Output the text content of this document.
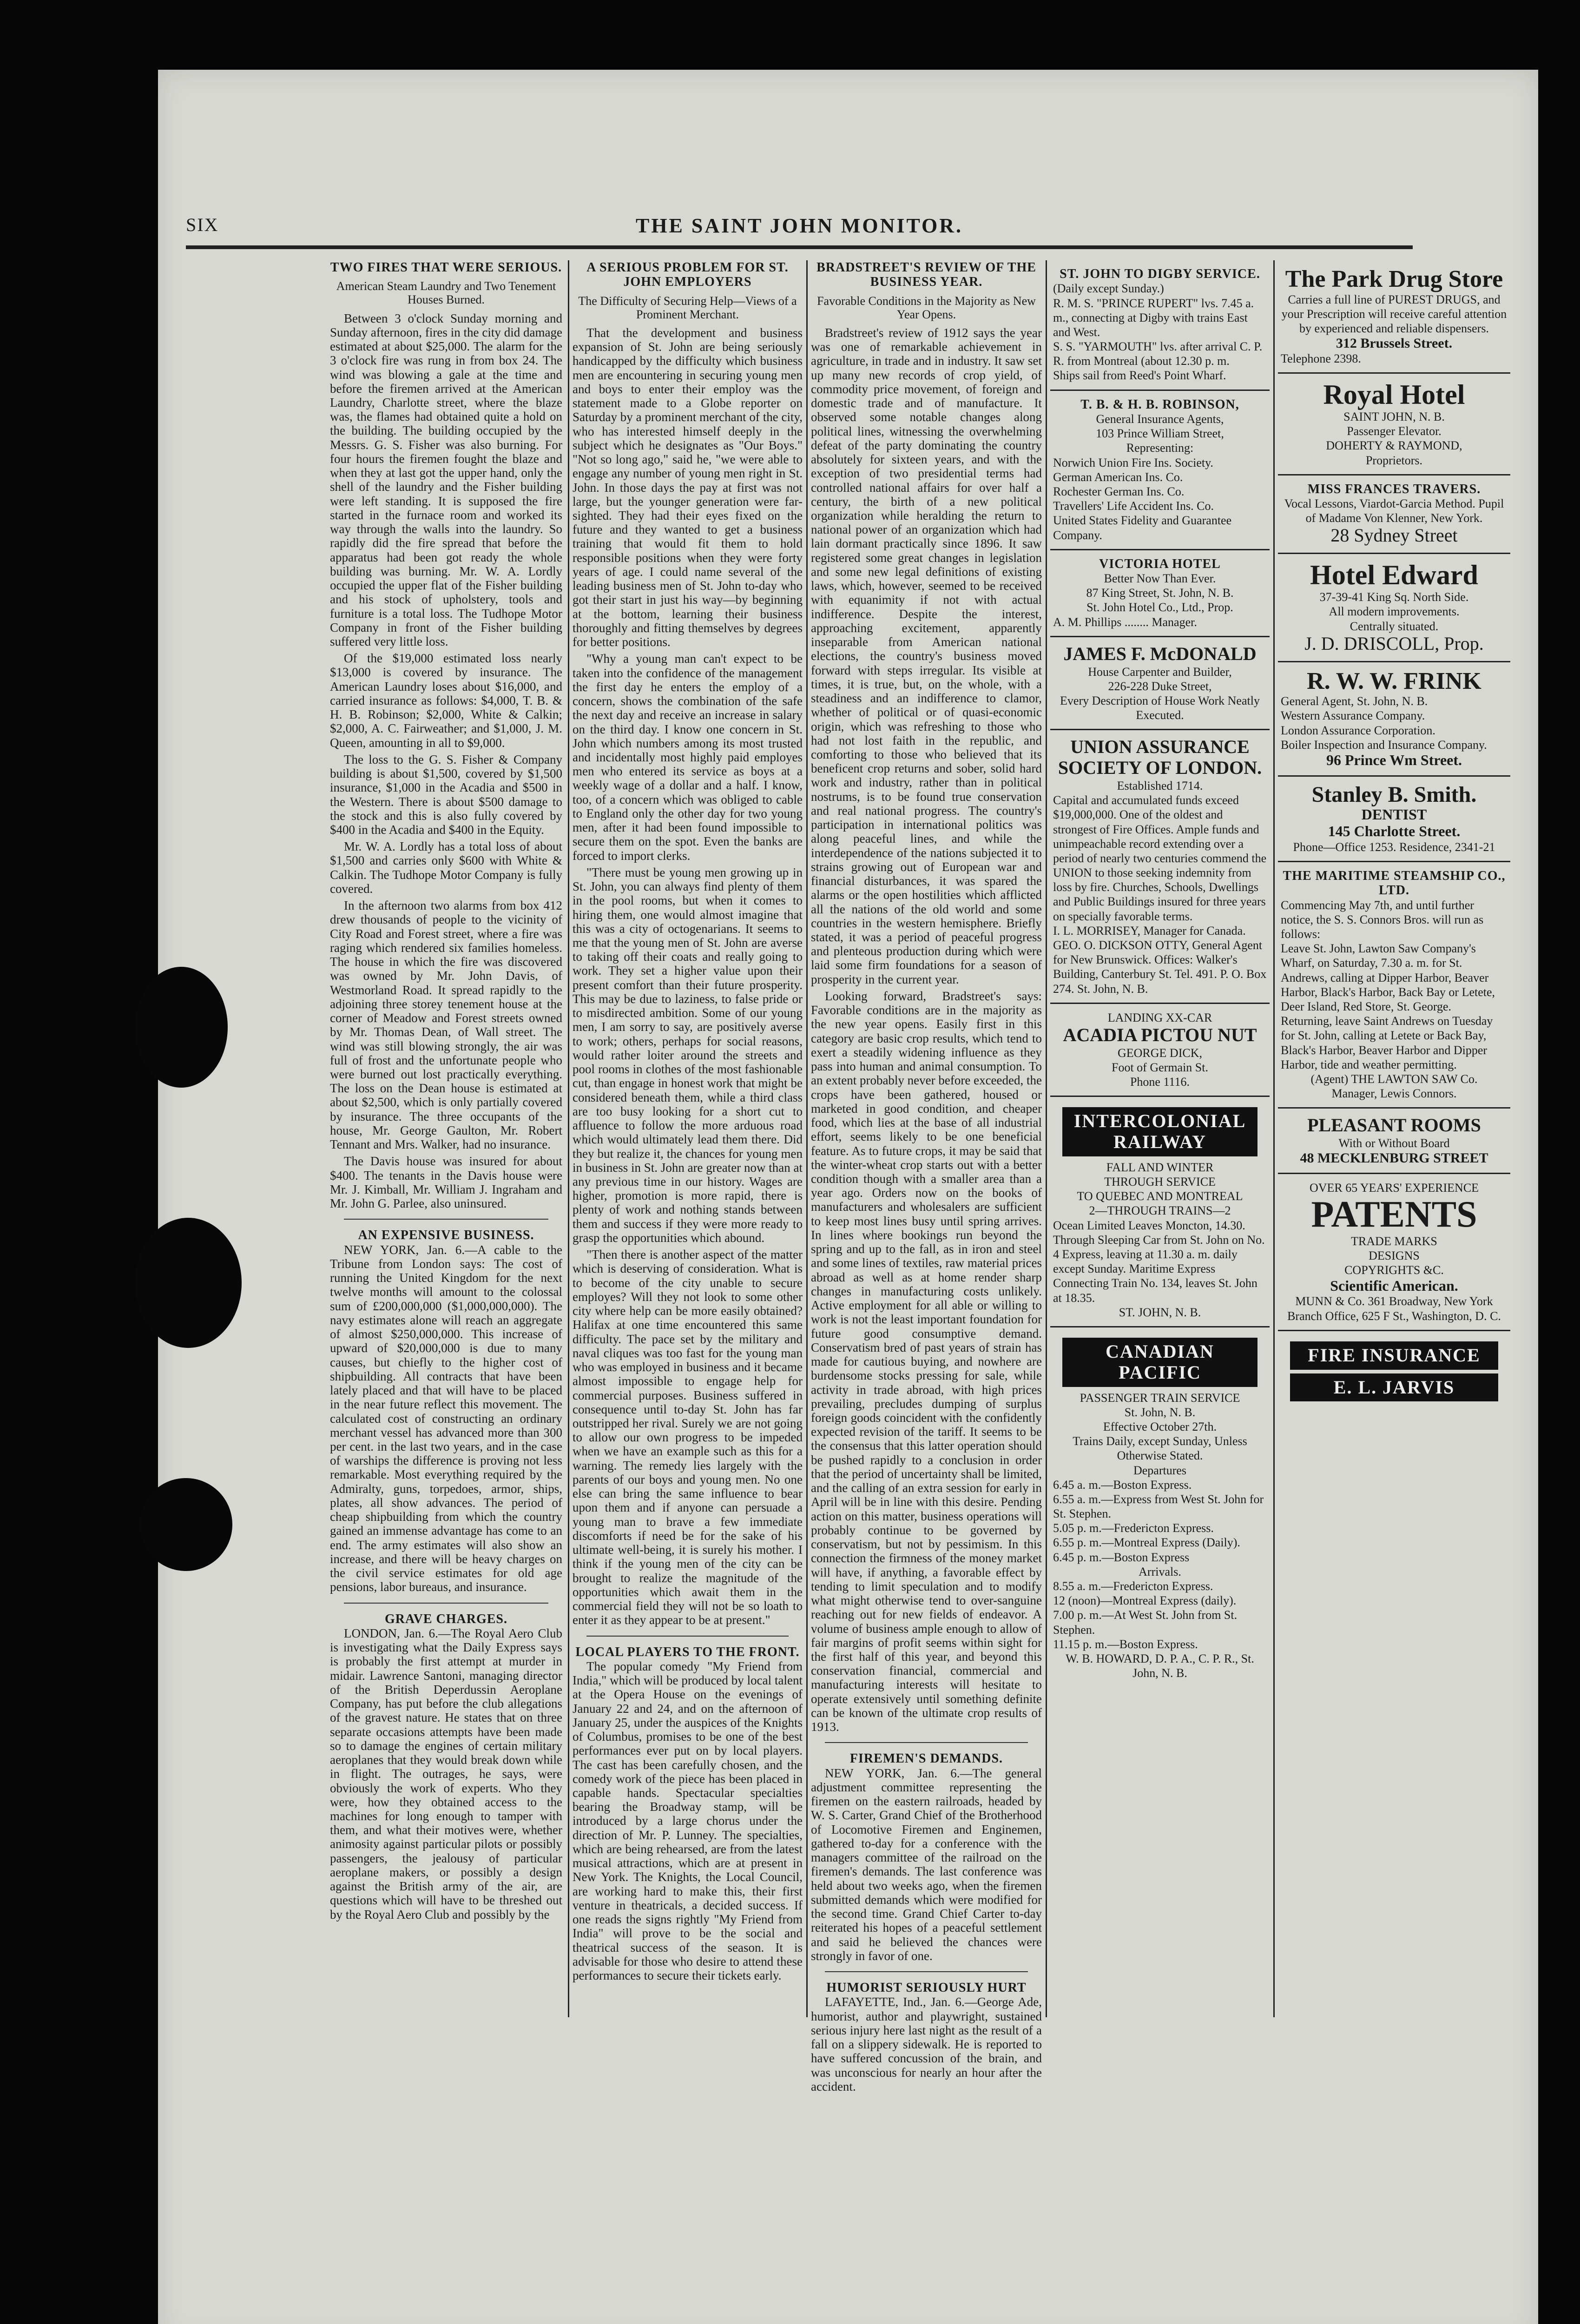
SIX	THE SAINT JOHN MONITOR.
TWO FIRES THAT WERE SERIOUS.
American Steam Laundry and Two Tenement Houses Burned.

Between 3 o'clock Sunday morning and Sunday afternoon, fires in the city did damage estimated at about $25,000. The alarm for the 3 o'clock fire was rung in from box 24. The wind was blowing a gale at the time and before the firemen arrived at the American Laundry, Charlotte street, where the blaze was, the flames had obtained quite a hold on the building. The building occupied by the Messrs. G. S. Fisher was also burning. For four hours the firemen fought the blaze and when they at last got the upper hand, only the shell of the laundry and the Fisher building were left standing. It is supposed the fire started in the furnace room and worked its way through the walls into the laundry. So rapidly did the fire spread that before the apparatus had been got ready the whole building was burning. Mr. W. A. Lordly occupied the upper flat of the Fisher building and his stock of upholstery, tools and furniture is a total loss. The Tudhope Motor Company in front of the Fisher building suffered very little loss.

Of the $19,000 estimated loss nearly $13,000 is covered by insurance. The American Laundry loses about $16,000, and carried insurance as follows: $4,000, T. B. & H. B. Robinson; $2,000, White & Calkin; $2,000, A. C. Fairweather; and $1,000, J. M. Queen, amounting in all to $9,000.

The loss to the G. S. Fisher & Company building is about $1,500, covered by $1,500 insurance, $1,000 in the Acadia and $500 in the Western. There is about $500 damage to the stock and this is also fully covered by $400 in the Acadia and $400 in the Equity.

Mr. W. A. Lordly has a total loss of about $1,500 and carries only $600 with White & Calkin. The Tudhope Motor Company is fully covered.

In the afternoon two alarms from box 412 drew thousands of people to the vicinity of City Road and Forest street, where a fire was raging which rendered six families homeless. The house in which the fire was discovered was owned by Mr. John Davis, of Westmorland Road. It spread rapidly to the adjoining three storey tenement house at the corner of Meadow and Forest streets owned by Mr. Thomas Dean, of Wall street. The wind was still blowing strongly, the air was full of frost and the unfortunate people who were burned out lost practically everything. The loss on the Dean house is estimated at about $2,500, which is only partially covered by insurance. The three occupants of the house, Mr. George Gaulton, Mr. Robert Tennant and Mrs. Walker, had no insurance.

The Davis house was insured for about $400. The tenants in the Davis house were Mr. J. Kimball, Mr. William J. Ingraham and Mr. John G. Parlee, also uninsured.

AN EXPENSIVE BUSINESS.

NEW YORK, Jan. 6.—A cable to the Tribune from London says: The cost of running the United Kingdom for the next twelve months will amount to the colossal sum of £200,000,000 ($1,000,000,000). The navy estimates alone will reach an aggregate of almost $250,000,000. This increase of upward of $20,000,000 is due to many causes, but chiefly to the higher cost of shipbuilding. All contracts that have been lately placed and that will have to be placed in the near future reflect this movement. The calculated cost of constructing an ordinary merchant vessel has advanced more than 300 per cent. in the last two years, and in the case of warships the difference is proving not less remarkable. Most everything required by the Admiralty, guns, torpedoes, armor, ships, plates, all show advances. The period of cheap shipbuilding from which the country gained an immense advantage has come to an end. The army estimates will also show an increase, and there will be heavy charges on the civil service estimates for old age pensions, labor bureaus, and insurance.

GRAVE CHARGES.

LONDON, Jan. 6.—The Royal Aero Club is investigating what the Daily Express says is probably the first attempt at murder in midair. Lawrence Santoni, managing director of the British Deperdussin Aeroplane Company, has put before the club allegations of the gravest nature. He states that on three separate occasions attempts have been made so to damage the engines of certain military aeroplanes that they would break down while in flight. The outrages, he says, were obviously the work of experts. Who they were, how they obtained access to the machines for long enough to tamper with them, and what their motives were, whether animosity against particular pilots or possibly passengers, the jealousy of particular aeroplane makers, or possibly a design against the British army of the air, are questions which will have to be threshed out by the Royal Aero Club and possibly by the

A SERIOUS PROBLEM FOR ST. JOHN EMPLOYERS
The Difficulty of Securing Help—Views of a Prominent Merchant.

That the development and business expansion of St. John are being seriously handicapped by the difficulty which business men are encountering in securing young men and boys to enter their employ was the statement made to a Globe reporter on Saturday by a prominent merchant of the city, who has interested himself deeply in the subject which he designates as "Our Boys." "Not so long ago," said he, "we were able to engage any number of young men right in St. John. In those days the pay at first was not large, but the younger generation were far-sighted. They had their eyes fixed on the future and they wanted to get a business training that would fit them to hold responsible positions when they were forty years of age. I could name several of the leading business men of St. John to-day who got their start in just his way—by beginning at the bottom, learning their business thoroughly and fitting themselves by degrees for better positions.

"Why a young man can't expect to be taken into the confidence of the management the first day he enters the employ of a concern, shows the combination of the safe the next day and receive an increase in salary on the third day. I know one concern in St. John which numbers among its most trusted and incidentally most highly paid employes men who entered its service as boys at a weekly wage of a dollar and a half. I know, too, of a concern which was obliged to cable to England only the other day for two young men, after it had been found impossible to secure them on the spot. Even the banks are forced to import clerks.

"There must be young men growing up in St. John, you can always find plenty of them in the pool rooms, but when it comes to hiring them, one would almost imagine that this was a city of octogenarians. It seems to me that the young men of St. John are averse to taking off their coats and really going to work. They set a higher value upon their present comfort than their future prosperity. This may be due to laziness, to false pride or to misdirected ambition. Some of our young men, I am sorry to say, are positively averse to work; others, perhaps for social reasons, would rather loiter around the streets and pool rooms in clothes of the most fashionable cut, than engage in honest work that might be considered beneath them, while a third class are too busy looking for a short cut to affluence to follow the more arduous road which would ultimately lead them there. Did they but realize it, the chances for young men in business in St. John are greater now than at any previous time in our history. Wages are higher, promotion is more rapid, there is plenty of work and nothing stands between them and success if they were more ready to grasp the opportunities which abound.

"Then there is another aspect of the matter which is deserving of consideration. What is to become of the city unable to secure employes? Will they not look to some other city where help can be more easily obtained? Halifax at one time encountered this same difficulty. The pace set by the military and naval cliques was too fast for the young man who was employed in business and it became almost impossible to engage help for commercial purposes. Business suffered in consequence until to-day St. John has far outstripped her rival. Surely we are not going to allow our own progress to be impeded when we have an example such as this for a warning. The remedy lies largely with the parents of our boys and young men. No one else can bring the same influence to bear upon them and if anyone can persuade a young man to brave a few immediate discomforts if need be for the sake of his ultimate well-being, it is surely his mother. I think if the young men of the city can be brought to realize the magnitude of the opportunities which await them in the commercial field they will not be so loath to enter it as they appear to be at present."

LOCAL PLAYERS TO THE FRONT.

The popular comedy "My Friend from India," which will be produced by local talent at the Opera House on the evenings of January 22 and 24, and on the afternoon of January 25, under the auspices of the Knights of Columbus, promises to be one of the best performances ever put on by local players. The cast has been carefully chosen, and the comedy work of the piece has been placed in capable hands. Spectacular specialties bearing the Broadway stamp, will be introduced by a large chorus under the direction of Mr. P. Lunney. The specialties, which are being rehearsed, are from the latest musical attractions, which are at present in New York. The Knights, the Local Council, are working hard to make this, their first venture in theatricals, a decided success. If one reads the signs rightly "My Friend from India" will prove to be the social and theatrical success of the season. It is advisable for those who desire to attend these performances to secure their tickets early.

BRADSTREET'S REVIEW OF THE BUSINESS YEAR.
Favorable Conditions in the Majority as New Year Opens.

Bradstreet's review of 1912 says the year was one of remarkable achievement in agriculture, in trade and in industry. It saw set up many new records of crop yield, of commodity price movement, of foreign and domestic trade and of manufacture. It observed some notable changes along political lines, witnessing the overwhelming defeat of the party dominating the country absolutely for sixteen years, and with the exception of two presidential terms had controlled national affairs for over half a century, the birth of a new political organization while heralding the return to national power of an organization which had lain dormant practically since 1896. It saw registered some great changes in legislation and some new legal definitions of existing laws, which, however, seemed to be received with equanimity if not with actual indifference. Despite the interest, approaching excitement, apparently inseparable from American national elections, the country's business moved forward with steps irregular. Its visible at times, it is true, but, on the whole, with a steadiness and an indifference to clamor, whether of political or of quasi-economic origin, which was refreshing to those who had not lost faith in the republic, and comforting to those who believed that its beneficent crop returns and sober, solid hard work and industry, rather than in political nostrums, is to be found true conservation and real national progress. The country's participation in international politics was along peaceful lines, and while the interdependence of the nations subjected it to strains growing out of European war and financial disturbances, it was spared the alarms or the open hostilities which afflicted all the nations of the old world and some countries in the western hemisphere. Briefly stated, it was a period of peaceful progress and plenteous production during which were laid some firm foundations for a season of prosperity in the current year.

Looking forward, Bradstreet's says: Favorable conditions are in the majority as the new year opens. Easily first in this category are basic crop results, which tend to exert a steadily widening influence as they pass into human and animal consumption. To an extent probably never before exceeded, the crops have been gathered, housed or marketed in good condition, and cheaper food, which lies at the base of all industrial effort, seems likely to be one beneficial feature. As to future crops, it may be said that the winter-wheat crop starts out with a better condition though with a smaller area than a year ago. Orders now on the books of manufacturers and wholesalers are sufficient to keep most lines busy until spring arrives. In lines where bookings run beyond the spring and up to the fall, as in iron and steel and some lines of textiles, raw material prices abroad as well as at home render sharp changes in manufacturing costs unlikely. Active employment for all able or willing to work is not the least important foundation for future good consumptive demand. Conservatism bred of past years of strain has made for cautious buying, and nowhere are burdensome stocks pressing for sale, while activity in trade abroad, with high prices prevailing, precludes dumping of surplus foreign goods coincident with the confidently expected revision of the tariff. It seems to be the consensus that this latter operation should be pushed rapidly to a conclusion in order that the period of uncertainty shall be limited, and the calling of an extra session for early in April will be in line with this desire. Pending action on this matter, business operations will probably continue to be governed by conservatism, but not by pessimism. In this connection the firmness of the money market will have, if anything, a favorable effect by tending to limit speculation and to modify what might otherwise tend to over-sanguine reaching out for new fields of endeavor. A volume of business ample enough to allow of fair margins of profit seems within sight for the first half of this year, and beyond this conservation financial, commercial and manufacturing interests will hesitate to operate extensively until something definite can be known of the ultimate crop results of 1913.

FIREMEN'S DEMANDS.

NEW YORK, Jan. 6.—The general adjustment committee representing the firemen on the eastern railroads, headed by W. S. Carter, Grand Chief of the Brotherhood of Locomotive Firemen and Enginemen, gathered to-day for a conference with the managers committee of the railroad on the firemen's demands. The last conference was held about two weeks ago, when the firemen submitted demands which were modified for the second time. Grand Chief Carter to-day reiterated his hopes of a peaceful settlement and said he believed the chances were strongly in favor of one.

HUMORIST SERIOUSLY HURT

LAFAYETTE, Ind., Jan. 6.—George Ade, humorist, author and playwright, sustained serious injury here last night as the result of a fall on a slippery sidewalk. He is reported to have suffered concussion of the brain, and was unconscious for nearly an hour after the accident.

ST. JOHN TO DIGBY SERVICE.
(Daily except Sunday.)
R. M. S. "PRINCE RUPERT" lvs. 7.45 a. m., connecting at Digby with trains East and West.
S. S. "YARMOUTH" lvs. after arrival C. P. R. from Montreal (about 12.30 p. m.
Ships sail from Reed's Point Wharf.
T. B. & H. B. ROBINSON,
General Insurance Agents,
103 Prince William Street,
Representing:
Norwich Union Fire Ins. Society.
German American Ins. Co.
Rochester German Ins. Co.
Travellers' Life Accident Ins. Co.
United States Fidelity and Guarantee Company.
VICTORIA HOTEL
Better Now Than Ever.
87 King Street, St. John, N. B.
St. John Hotel Co., Ltd., Prop.
A. M. Phillips ........ Manager.
JAMES F. McDONALD
House Carpenter and Builder,
226-228 Duke Street,
Every Description of House Work Neatly Executed.
UNION ASSURANCE SOCIETY OF LONDON.
Established 1714.
Capital and accumulated funds exceed $19,000,000. One of the oldest and strongest of Fire Offices. Ample funds and unimpeachable record extending over a period of nearly two centuries commend the UNION to those seeking indemnity from loss by fire. Churches, Schools, Dwellings and Public Buildings insured for three years on specially favorable terms.
I. L. MORRISEY, Manager for Canada.
GEO. O. DICKSON OTTY, General Agent for New Brunswick. Offices: Walker's Building, Canterbury St. Tel. 491. P. O. Box 274. St. John, N. B.
LANDING XX-CAR
ACADIA PICTOU NUT
GEORGE DICK,
Foot of Germain St.
Phone 1116.
INTERCOLONIAL RAILWAY
FALL AND WINTER
THROUGH SERVICE
TO QUEBEC AND MONTREAL
2—THROUGH TRAINS—2
Ocean Limited Leaves Moncton, 14.30.
Through Sleeping Car from St. John on No. 4 Express, leaving at 11.30 a. m. daily except Sunday. Maritime Express
Connecting Train No. 134, leaves St. John at 18.35.
ST. JOHN, N. B.
CANADIAN PACIFIC
PASSENGER TRAIN SERVICE
St. John, N. B.
Effective October 27th.
Trains Daily, except Sunday, Unless Otherwise Stated.
Departures
6.45 a. m.—Boston Express.
6.55 a. m.—Express from West St. John for St. Stephen.
5.05 p. m.—Fredericton Express.
6.55 p. m.—Montreal Express (Daily).
6.45 p. m.—Boston Express
Arrivals.
8.55 a. m.—Fredericton Express.
12 (noon)—Montreal Express (daily).
7.00 p. m.—At West St. John from St. Stephen.
11.15 p. m.—Boston Express.
W. B. HOWARD, D. P. A., C. P. R., St. John, N. B.
The Park Drug Store
Carries a full line of PUREST DRUGS, and your Prescription will receive careful attention by experienced and reliable dispensers.
312 Brussels Street.
Telephone 2398.
Royal Hotel
SAINT JOHN, N. B.
Passenger Elevator.
DOHERTY & RAYMOND,
Proprietors.
MISS FRANCES TRAVERS.
Vocal Lessons, Viardot-Garcia Method. Pupil of Madame Von Klenner, New York.
28 Sydney Street
Hotel Edward
37-39-41 King Sq. North Side.
All modern improvements.
Centrally situated.
J. D. DRISCOLL, Prop.
R. W. W. FRINK
General Agent, St. John, N. B.
Western Assurance Company.
London Assurance Corporation.
Boiler Inspection and Insurance Company.
96 Prince Wm Street.
Stanley B. Smith.
DENTIST
145 Charlotte Street.
Phone—Office 1253. Residence, 2341-21
THE MARITIME STEAMSHIP CO., LTD.
Commencing May 7th, and until further notice, the S. S. Connors Bros. will run as follows:
Leave St. John, Lawton Saw Company's Wharf, on Saturday, 7.30 a. m. for St. Andrews, calling at Dipper Harbor, Beaver Harbor, Black's Harbor, Back Bay or Letete, Deer Island, Red Store, St. George.
Returning, leave Saint Andrews on Tuesday for St. John, calling at Letete or Back Bay, Black's Harbor, Beaver Harbor and Dipper Harbor, tide and weather permitting.
(Agent) THE LAWTON SAW Co.
Manager, Lewis Connors.
PLEASANT ROOMS
With or Without Board
48 MECKLENBURG STREET
OVER 65 YEARS' EXPERIENCE
PATENTS
TRADE MARKS
DESIGNS
COPYRIGHTS &C.
Scientific American.
MUNN & Co. 361 Broadway, New York
Branch Office, 625 F St., Washington, D. C.
FIRE INSURANCE
E. L. JARVIS
